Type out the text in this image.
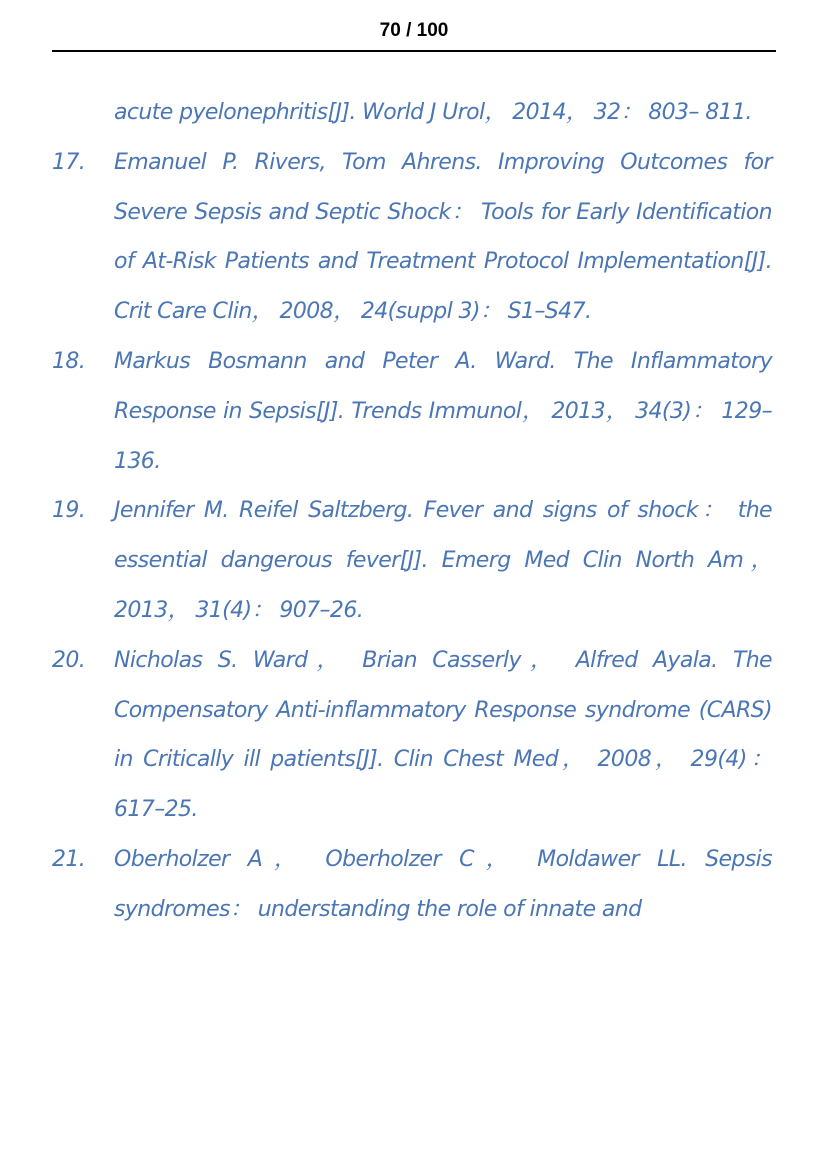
70 / 100
acute pyelonephritis[J]. World J Urol， 2014， 32： 803– 811.
17. Emanuel P. Rivers, Tom Ahrens. Improving Outcomes for Severe Sepsis and Septic Shock： Tools for Early Identification of At-Risk Patients and Treatment Protocol Implementation[J]. Crit Care Clin， 2008， 24(suppl 3)： S1–S47.
18. Markus Bosmann and Peter A. Ward. The Inflammatory Response in Sepsis[J]. Trends Immunol， 2013， 34(3)： 129–136.
19. Jennifer M. Reifel Saltzberg. Fever and signs of shock： the essential dangerous fever[J]. Emerg Med Clin North Am， 2013， 31(4)： 907–26.
20. Nicholas S. Ward， Brian Casserly， Alfred Ayala. The Compensatory Anti-inflammatory Response syndrome (CARS) in Critically ill patients[J]. Clin Chest Med， 2008， 29(4)： 617–25.
21. Oberholzer A， Oberholzer C， Moldawer LL. Sepsis syndromes： understanding the role of innate and
